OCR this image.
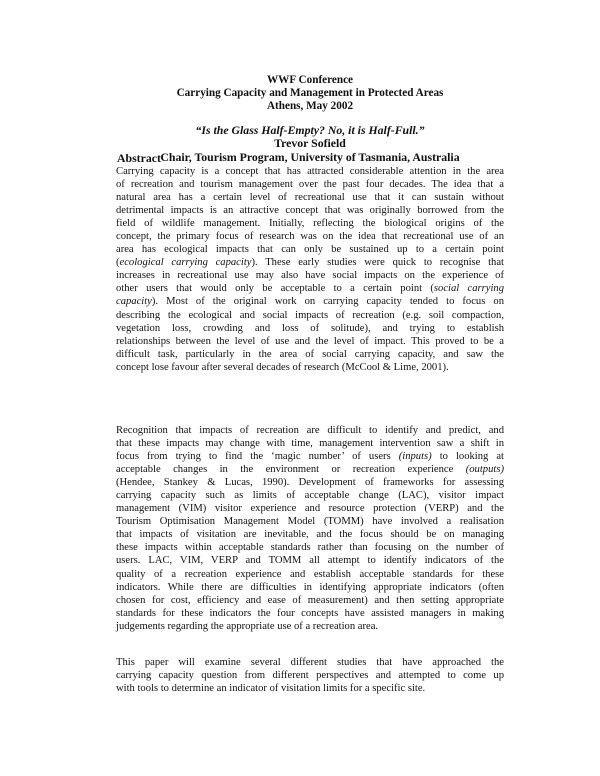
WWF Conference
Carrying Capacity and Management in Protected Areas
Athens, May 2002
“Is the Glass Half-Empty? No, it is Half-Full.”
Trevor Sofield
Chair, Tourism Program, University of Tasmania, Australia
Abstract
Carrying capacity is a concept that has attracted considerable attention in the area
of recreation and tourism management over the past four decades. The idea that a
natural area has a certain level of recreational use that it can sustain without
detrimental impacts is an attractive concept that was originally borrowed from the
field of wildlife management. Initially, reflecting the biological origins of the
concept, the primary focus of research was on the idea that recreational use of an
area has ecological impacts that can only be sustained up to a certain point
(ecological carrying capacity). These early studies were quick to recognise that
increases in recreational use may also have social impacts on the experience of
other users that would only be acceptable to a certain point (social carrying
capacity). Most of the original work on carrying capacity tended to focus on
describing the ecological and social impacts of recreation (e.g. soil compaction,
vegetation loss, crowding and loss of solitude), and trying to establish
relationships between the level of use and the level of impact. This proved to be a
difficult task, particularly in the area of social carrying capacity, and saw the
concept lose favour after several decades of research (McCool & Lime, 2001).
Recognition that impacts of recreation are difficult to identify and predict, and
that these impacts may change with time, management intervention saw a shift in
focus from trying to find the ‘magic number’ of users (inputs) to looking at
acceptable changes in the environment or recreation experience (outputs)
(Hendee, Stankey & Lucas, 1990). Development of frameworks for assessing
carrying capacity such as limits of acceptable change (LAC), visitor impact
management (VIM) visitor experience and resource protection (VERP) and the
Tourism Optimisation Management Model (TOMM) have involved a realisation
that impacts of visitation are inevitable, and the focus should be on managing
these impacts within acceptable standards rather than focusing on the number of
users. LAC, VIM, VERP and TOMM all attempt to identify indicators of the
quality of a recreation experience and establish acceptable standards for these
indicators. While there are difficulties in identifying appropriate indicators (often
chosen for cost, efficiency and ease of measurement) and then setting appropriate
standards for these indicators the four concepts have assisted managers in making
judgements regarding the appropriate use of a recreation area.
This paper will examine several different studies that have approached the
carrying capacity question from different perspectives and attempted to come up
with tools to determine an indicator of visitation limits for a specific site.
